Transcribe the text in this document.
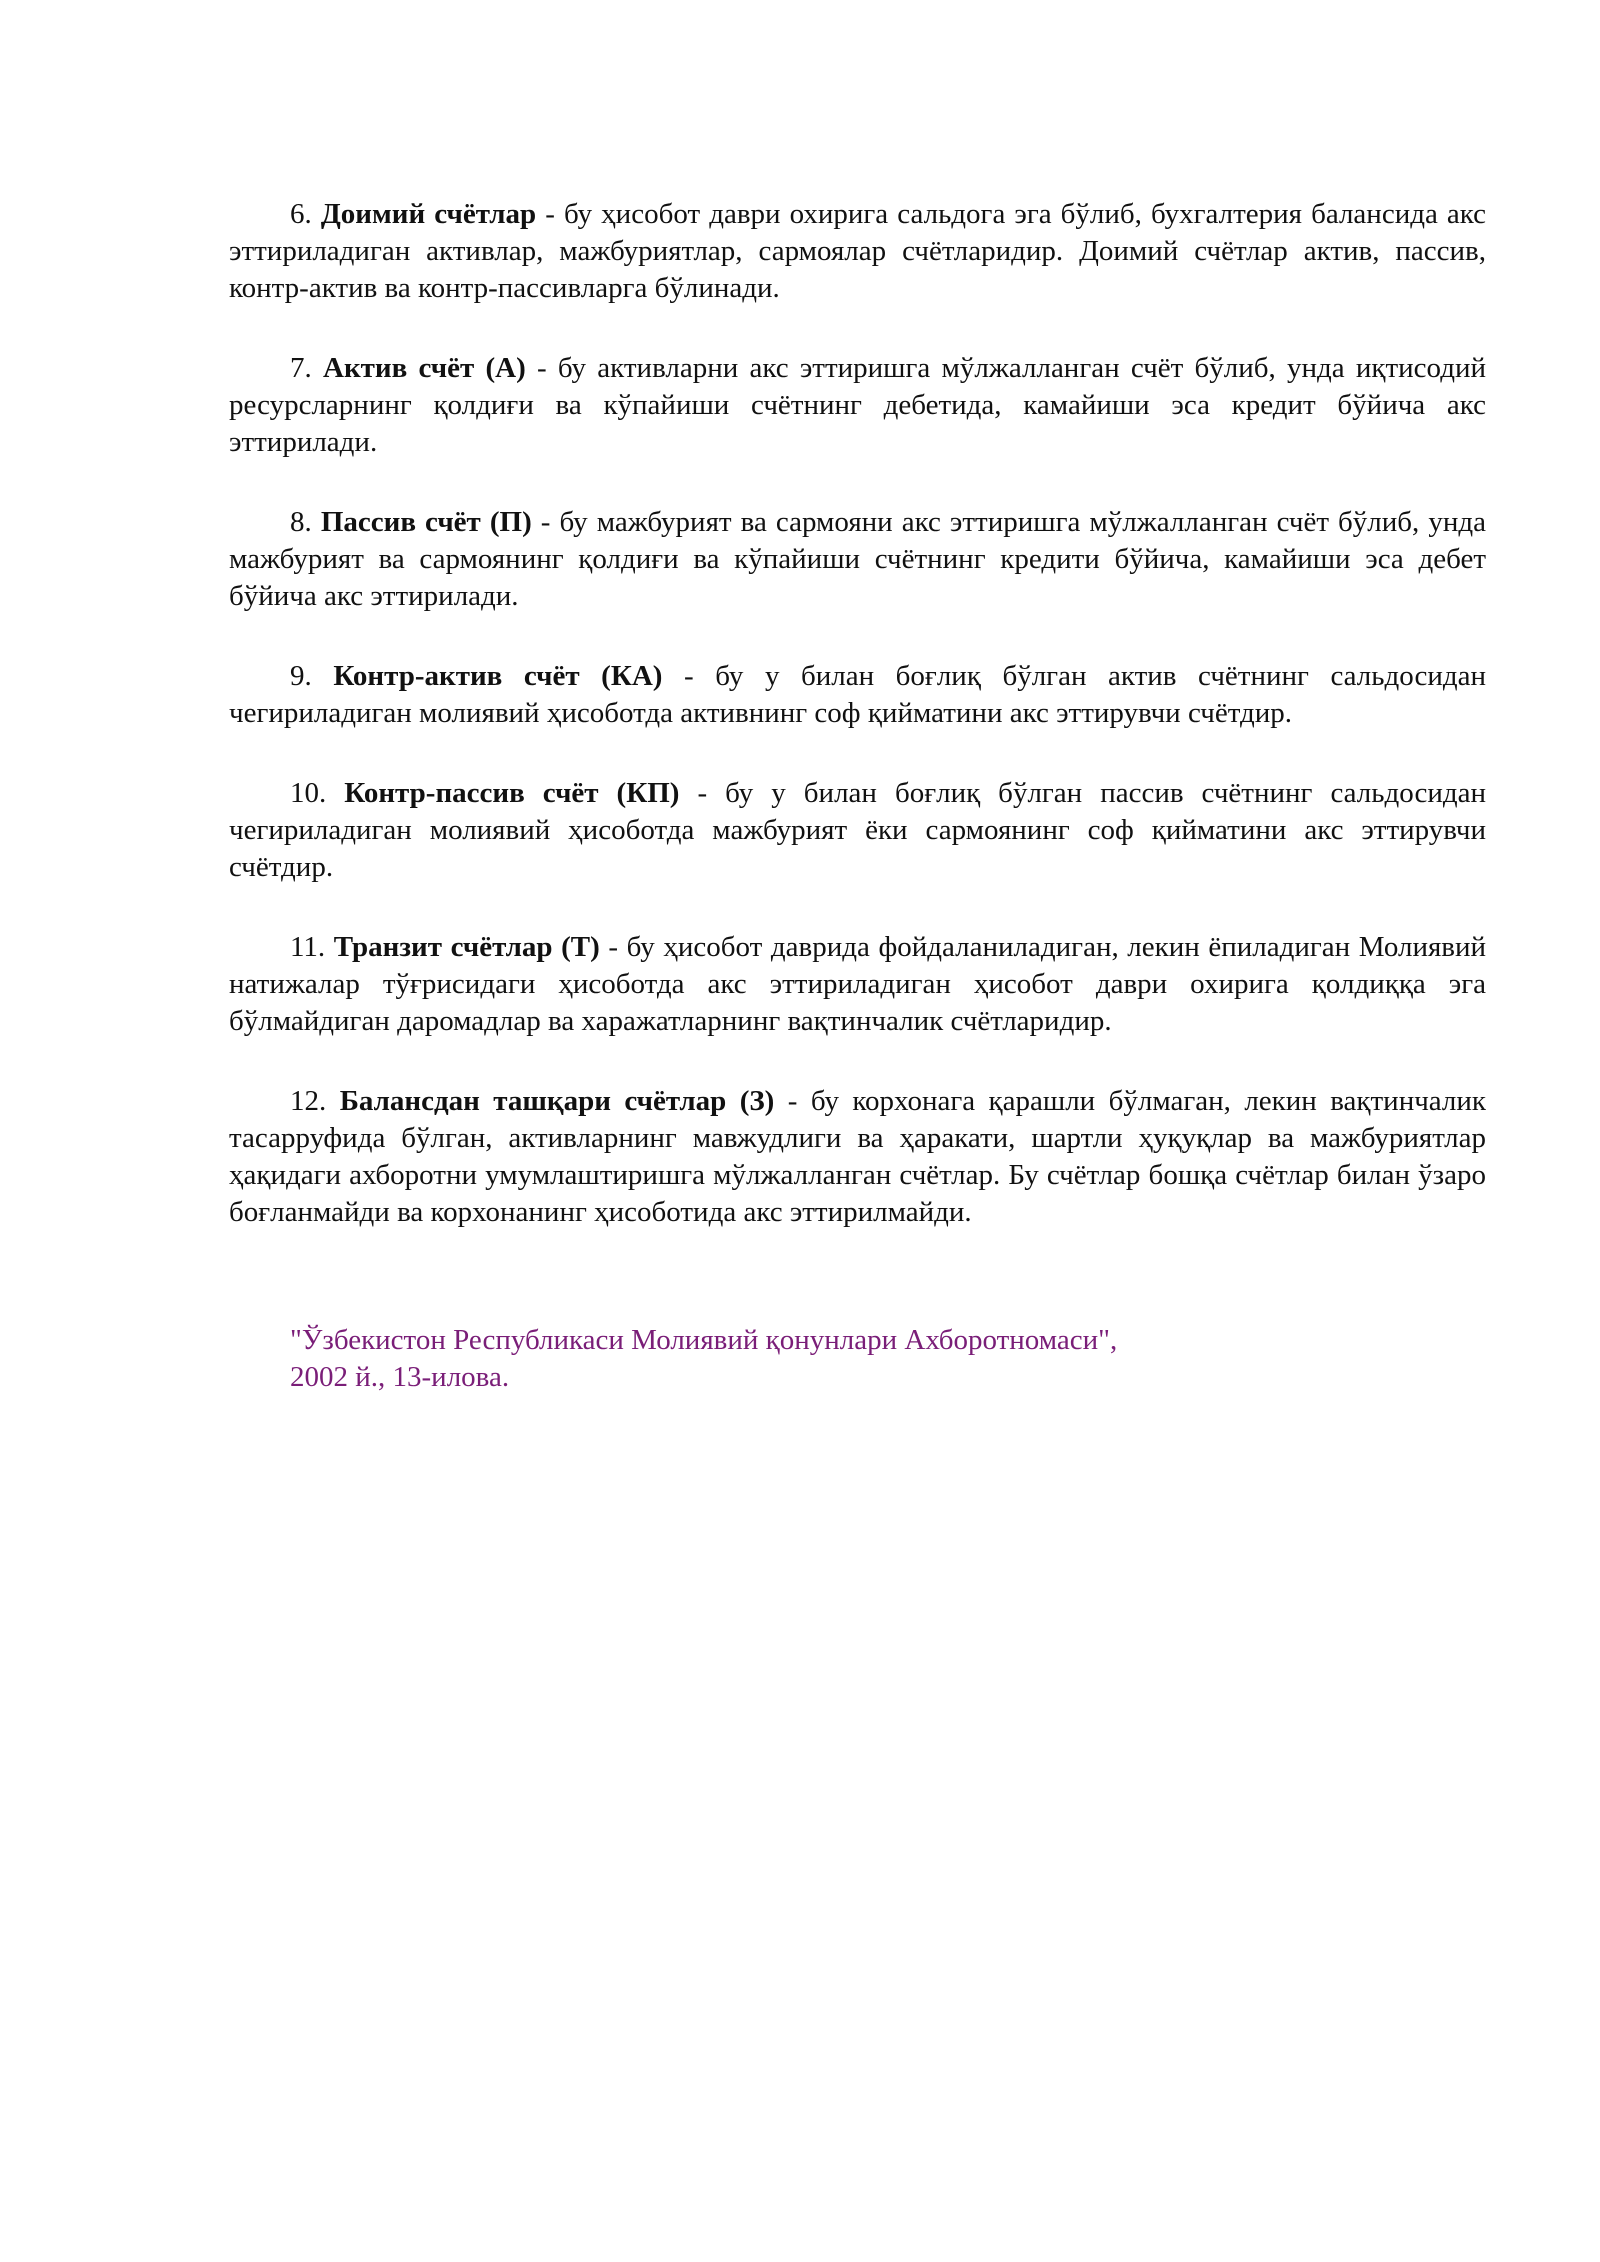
6. Доимий счётлар - бу ҳисобот даври охирига сальдога эга бўлиб, бухгалтерия балансида акс эттириладиган активлар, мажбуриятлар, сармоялар счётларидир. Доимий счётлар актив, пассив, контр-актив ва контр-пассивларга бўлинади.

7. Актив счёт (А) - бу активларни акс эттиришга мўлжалланган счёт бўлиб, унда иқтисодий ресурсларнинг қолдиғи ва кўпайиши счётнинг дебетида, камайиши эса кредит бўйича акс эттирилади.

8. Пассив счёт (П) - бу мажбурият ва сармояни акс эттиришга мўлжалланган счёт бўлиб, унда мажбурият ва сармоянинг қолдиғи ва кўпайиши счётнинг кредити бўйича, камайиши эса дебет бўйича акс эттирилади.

9. Контр-актив счёт (КА) - бу у билан боғлиқ бўлган актив счётнинг сальдосидан чегириладиган молиявий ҳисоботда активнинг соф қийматини акс эттирувчи счётдир.

10. Контр-пассив счёт (КП) - бу у билан боғлиқ бўлган пассив счётнинг сальдосидан чегириладиган молиявий ҳисоботда мажбурият ёки сармоянинг соф қийматини акс эттирувчи счётдир.

11. Транзит счётлар (Т) - бу ҳисобот даврида фойдаланиладиган, лекин ёпиладиган Молиявий натижалар тўғрисидаги ҳисоботда акс эттириладиган ҳисобот даври охирига қолдиққа эга бўлмайдиган даромадлар ва харажатларнинг вақтинчалик счётларидир.

12. Балансдан ташқари счётлар (З) - бу корхонага қарашли бўлмаган, лекин вақтинчалик тасарруфида бўлган, активларнинг мавжудлиги ва ҳаракати, шартли ҳуқуқлар ва мажбуриятлар ҳақидаги ахборотни умумлаштиришга мўлжалланган счётлар. Бу счётлар бошқа счётлар билан ўзаро боғланмайди ва корхонанинг ҳисоботида акс эттирилмайди.

"Ўзбекистон Республикаси Молиявий қонунлари Ахборотномаси",
2002 й., 13-илова.
